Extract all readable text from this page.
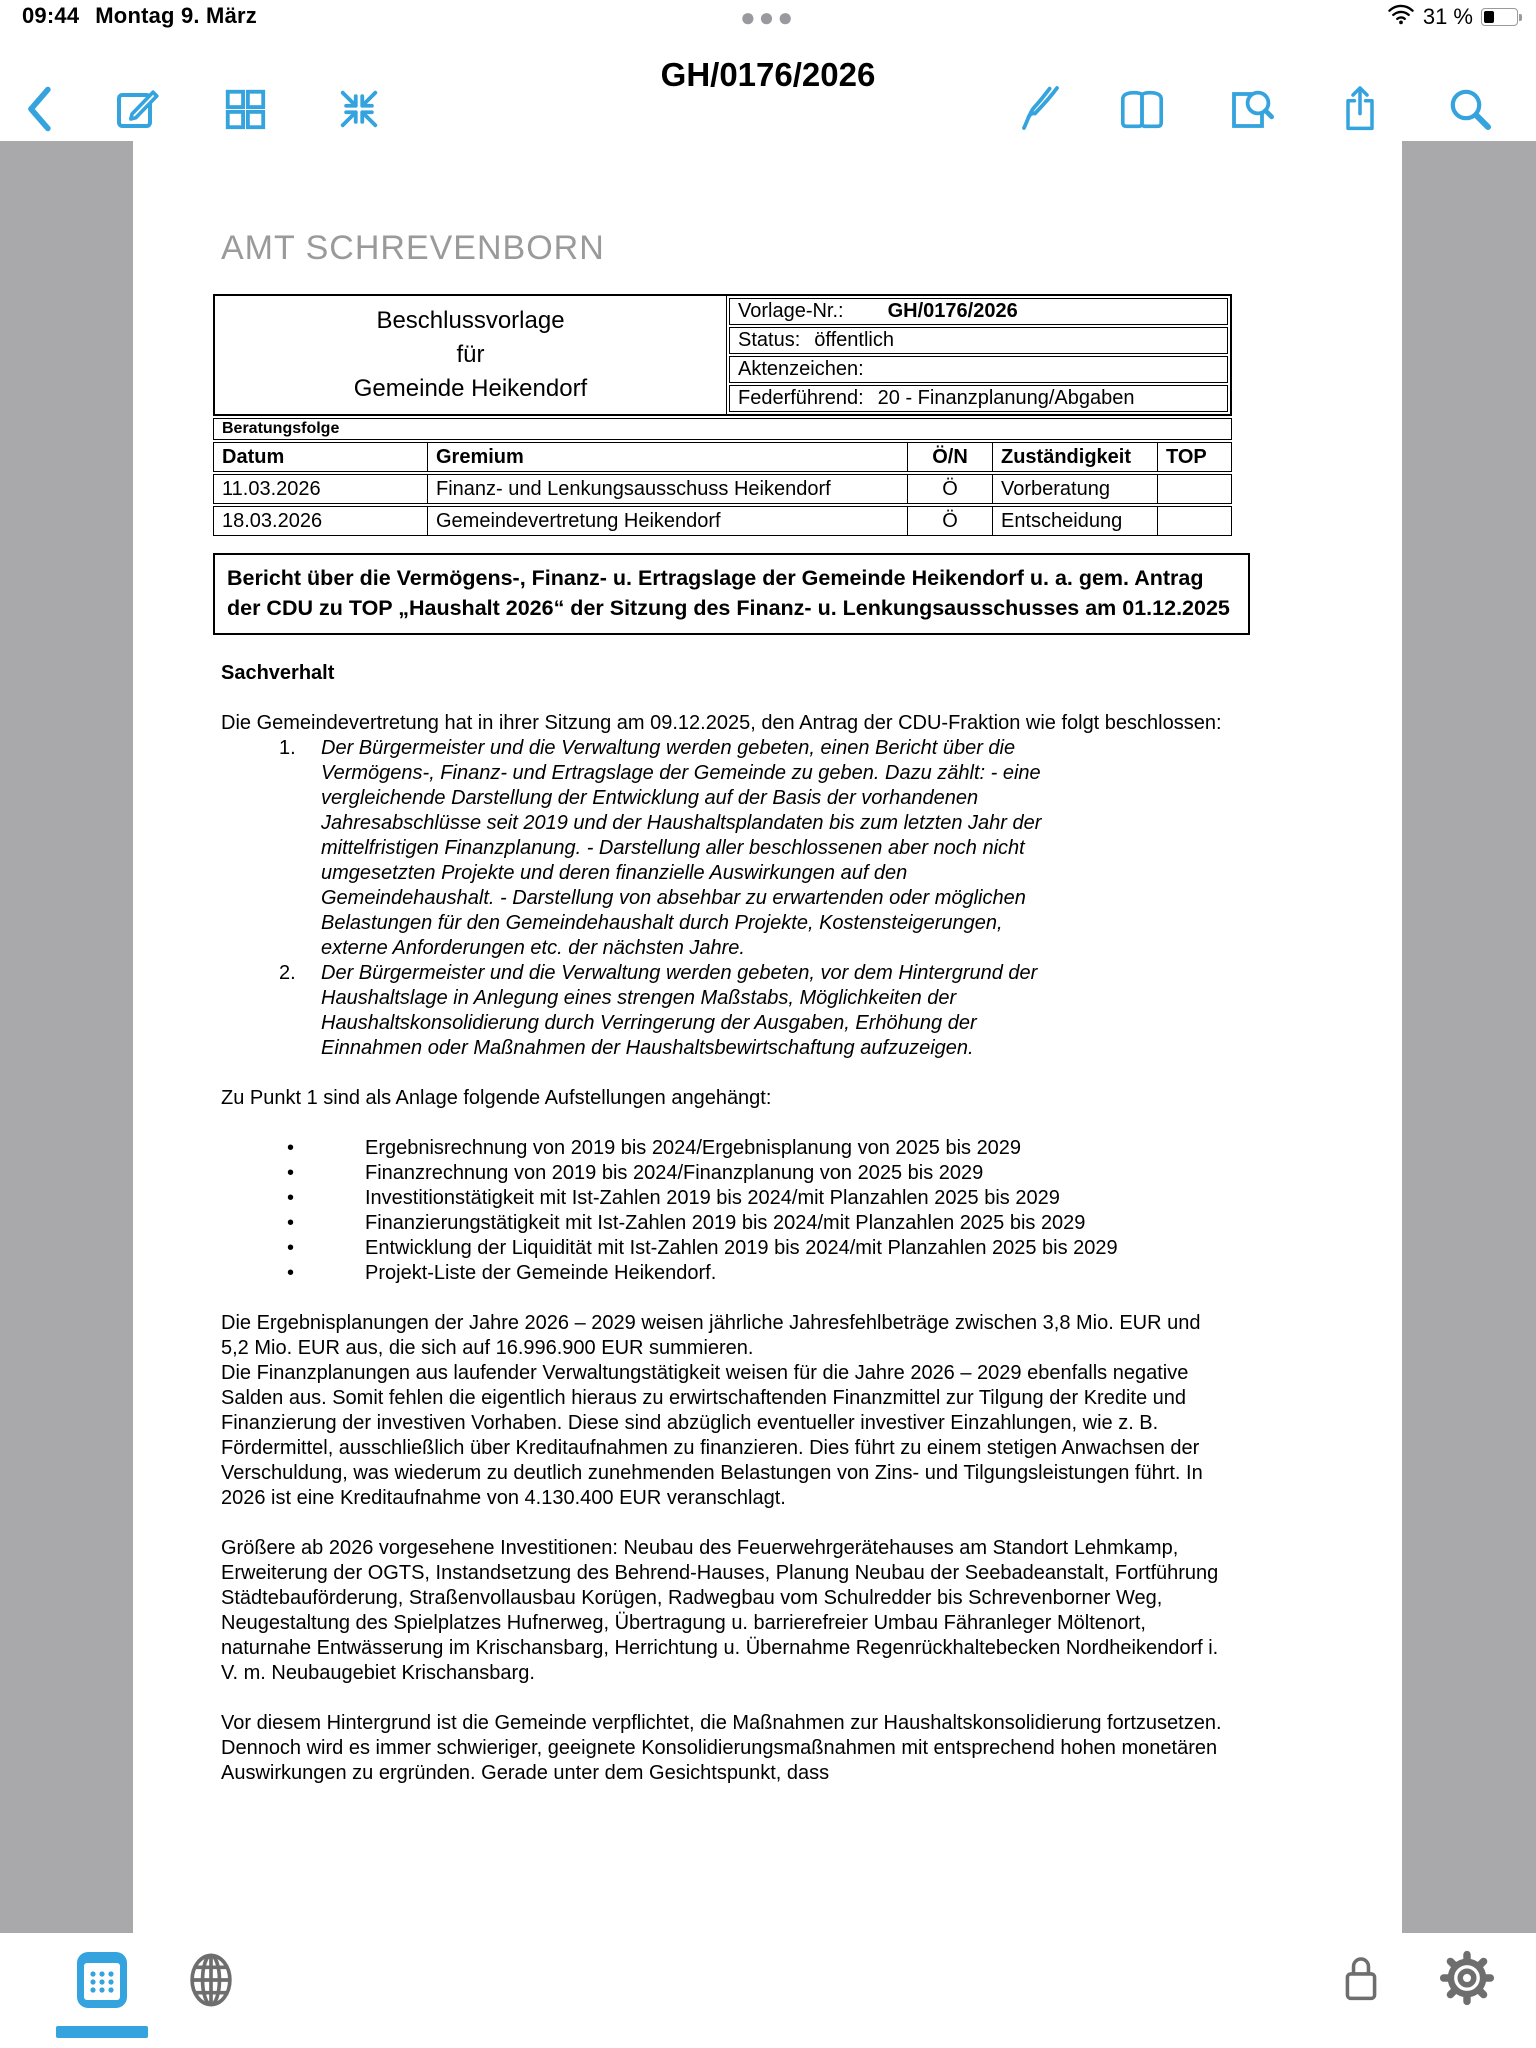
09:44 Montag 9. März	●●●	31 %
GH/0176/2026
AMT SCHREVENBORN
Beschlussvorlage
für
Gemeinde Heikendorf
Vorlage-Nr.: GH/0176/2026
Status: öffentlich
Aktenzeichen:
Federführend: 20 - Finanzplanung/Abgaben
Beratungsfolge
Datum	Gremium	Ö/N	Zuständigkeit	TOP
11.03.2026	Finanz- und Lenkungsausschuss Heikendorf	Ö	Vorberatung
18.03.2026	Gemeindevertretung Heikendorf	Ö	Entscheidung
Bericht über die Vermögens-, Finanz- u. Ertragslage der Gemeinde Heikendorf u. a. gem. Antrag der CDU zu TOP „Haushalt 2026“ der Sitzung des Finanz- u. Lenkungsausschusses am 01.12.2025
Sachverhalt
Die Gemeindevertretung hat in ihrer Sitzung am 09.12.2025, den Antrag der CDU-Fraktion wie folgt beschlossen:
1.	Der Bürgermeister und die Verwaltung werden gebeten, einen Bericht über die Vermögens-, Finanz- und Ertragslage der Gemeinde zu geben. Dazu zählt: - eine vergleichende Darstellung der Entwicklung auf der Basis der vorhandenen Jahresabschlüsse seit 2019 und der Haushaltsplandaten bis zum letzten Jahr der mittelfristigen Finanzplanung. - Darstellung aller beschlossenen aber noch nicht umgesetzten Projekte und deren finanzielle Auswirkungen auf den Gemeindehaushalt. - Darstellung von absehbar zu erwartenden oder möglichen Belastungen für den Gemeindehaushalt durch Projekte, Kostensteigerungen, externe Anforderungen etc. der nächsten Jahre.
2.	Der Bürgermeister und die Verwaltung werden gebeten, vor dem Hintergrund der Haushaltslage in Anlegung eines strengen Maßstabs, Möglichkeiten der Haushaltskonsolidierung durch Verringerung der Ausgaben, Erhöhung der Einnahmen oder Maßnahmen der Haushaltsbewirtschaftung aufzuzeigen.
Zu Punkt 1 sind als Anlage folgende Aufstellungen angehängt:
•	Ergebnisrechnung von 2019 bis 2024/Ergebnisplanung von 2025 bis 2029
•	Finanzrechnung von 2019 bis 2024/Finanzplanung von 2025 bis 2029
•	Investitionstätigkeit mit Ist-Zahlen 2019 bis 2024/mit Planzahlen 2025 bis 2029
•	Finanzierungstätigkeit mit Ist-Zahlen 2019 bis 2024/mit Planzahlen 2025 bis 2029
•	Entwicklung der Liquidität mit Ist-Zahlen 2019 bis 2024/mit Planzahlen 2025 bis 2029
•	Projekt-Liste der Gemeinde Heikendorf.
Die Ergebnisplanungen der Jahre 2026 – 2029 weisen jährliche Jahresfehlbeträge zwischen 3,8 Mio. EUR und 5,2 Mio. EUR aus, die sich auf 16.996.900 EUR summieren.
Die Finanzplanungen aus laufender Verwaltungstätigkeit weisen für die Jahre 2026 – 2029 ebenfalls negative Salden aus. Somit fehlen die eigentlich hieraus zu erwirtschaftenden Finanzmittel zur Tilgung der Kredite und Finanzierung der investiven Vorhaben. Diese sind abzüglich eventueller investiver Einzahlungen, wie z. B. Fördermittel, ausschließlich über Kreditaufnahmen zu finanzieren. Dies führt zu einem stetigen Anwachsen der Verschuldung, was wiederum zu deutlich zunehmenden Belastungen von Zins- und Tilgungsleistungen führt. In 2026 ist eine Kreditaufnahme von 4.130.400 EUR veranschlagt.
Größere ab 2026 vorgesehene Investitionen: Neubau des Feuerwehrgerätehauses am Standort Lehmkamp, Erweiterung der OGTS, Instandsetzung des Behrend-Hauses, Planung Neubau der Seebadeanstalt, Fortführung Städtebauförderung, Straßenvollausbau Korügen, Radwegbau vom Schulredder bis Schrevenborner Weg, Neugestaltung des Spielplatzes Hufnerweg, Übertragung u. barrierefreier Umbau Fähranleger Möltenort, naturnahe Entwässerung im Krischansbarg, Herrichtung u. Übernahme Regenrückhaltebecken Nordheikendorf i. V. m. Neubaugebiet Krischansbarg.
Vor diesem Hintergrund ist die Gemeinde verpflichtet, die Maßnahmen zur Haushaltskonsolidierung fortzusetzen. Dennoch wird es immer schwieriger, geeignete Konsolidierungsmaßnahmen mit entsprechend hohen monetären Auswirkungen zu ergründen. Gerade unter dem Gesichtspunkt, dass
